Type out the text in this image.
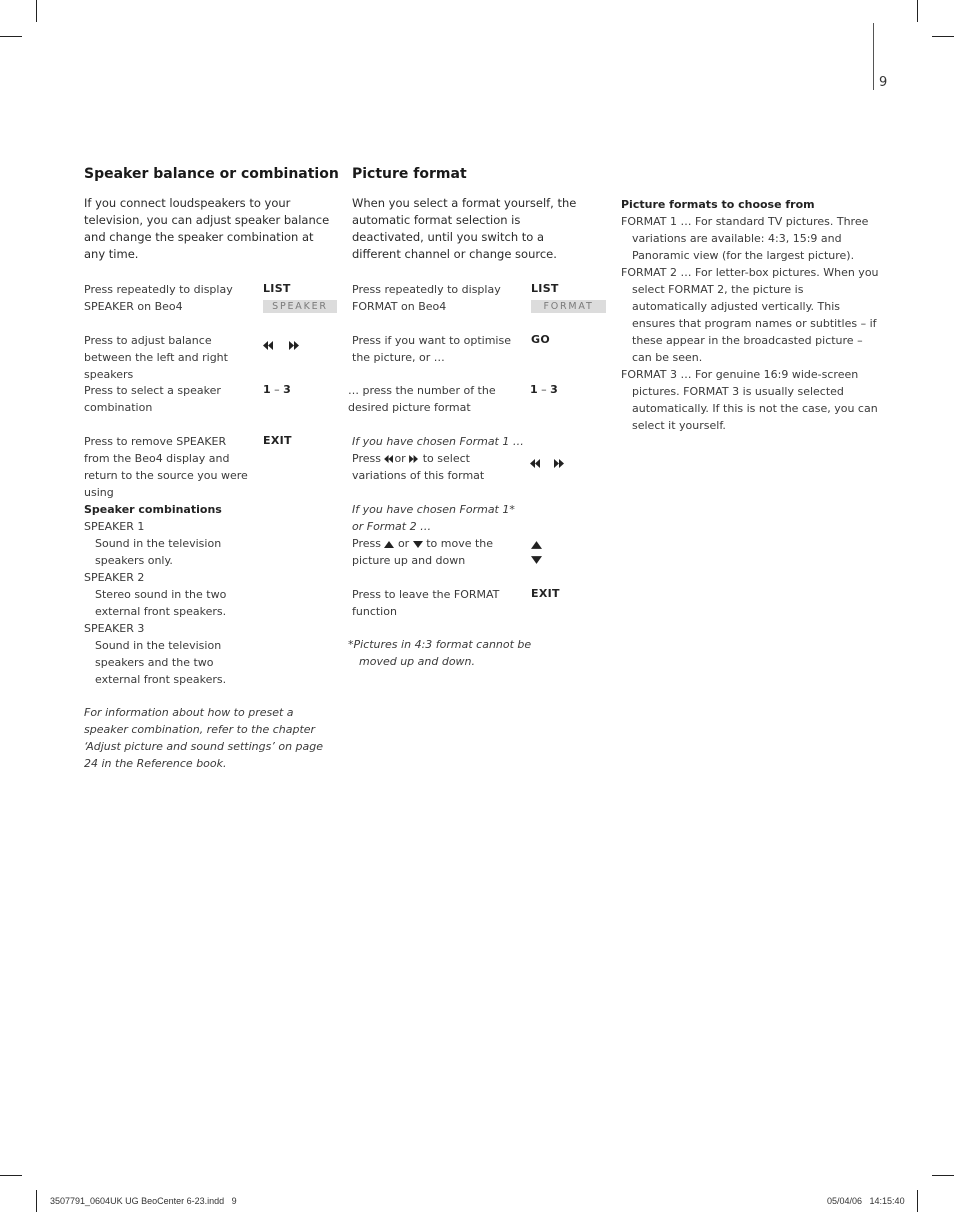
9
Speaker balance or combination
If you connect loudspeakers to your television, you can adjust speaker balance and change the speaker combination at any time.
Press repeatedly to display
SPEAKER on Beo4
LIST
SPEAKER
Press to adjust balance between the left and right speakers

Press to select a speaker combination
1 – 3
Press to remove SPEAKER from the Beo4 display and return to the source you were using
EXIT
Speaker combinations
SPEAKER 1
Sound in the television speakers only.
SPEAKER 2
Stereo sound in the two external front speakers.
SPEAKER 3
Sound in the television speakers and the two external front speakers.
For information about how to preset a speaker combination, refer to the chapter ‘Adjust picture and sound settings’ on page 24 in the Reference book.
Picture format
When you select a format yourself, the automatic format selection is deactivated, until you switch to a different channel or change source.
Press repeatedly to display
FORMAT on Beo4
LIST
FORMAT
Press if you want to optimise the picture, or …
GO
… press the number of the desired picture format
1 – 3
If you have chosen Format 1 …
Press or to select variations of this format

If you have chosen Format 1* or Format 2 …
Press or to move the picture up and down
Press to leave the FORMAT function
EXIT
*Pictures in 4:3 format cannot be moved up and down.
Picture formats to choose from
FORMAT 1 … For standard TV pictures. Three variations are available: 4:3, 15:9 and Panoramic view (for the largest picture).
FORMAT 2 … For letter-box pictures. When you select FORMAT 2, the picture is automatically adjusted vertically. This ensures that program names or subtitles – if these appear in the broadcasted picture – can be seen.
FORMAT 3 … For genuine 16:9 wide-screen pictures. FORMAT 3 is usually selected automatically. If this is not the case, you can select it yourself.
3507791_0604UK UG BeoCenter 6-23.indd   9	05/04/06   14:15:40
